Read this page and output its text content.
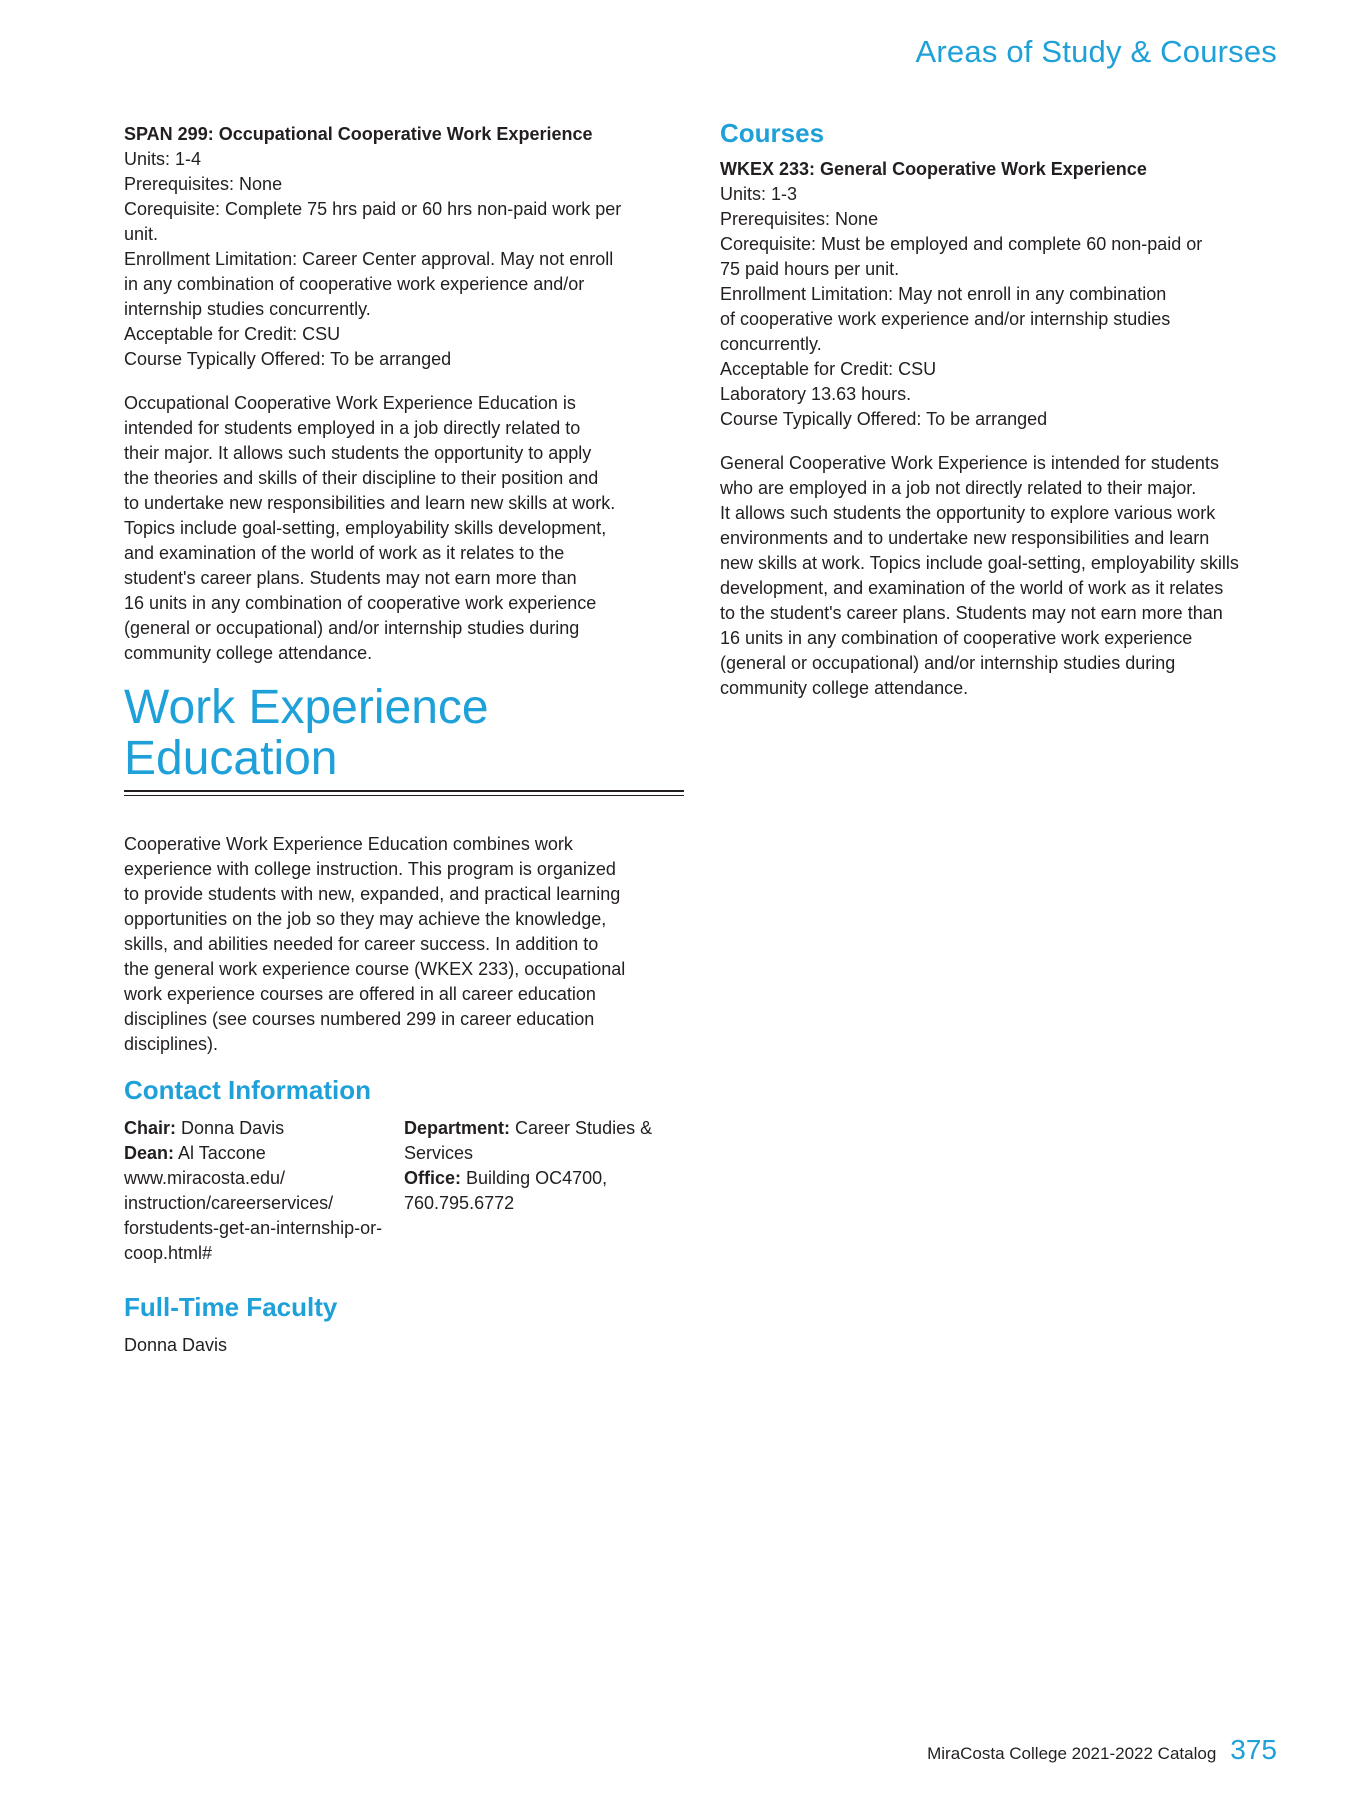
Areas of Study & Courses
SPAN 299: Occupational Cooperative Work Experience
Units: 1-4
Prerequisites: None
Corequisite: Complete 75 hrs paid or 60 hrs non-paid work per
unit.
Enrollment Limitation: Career Center approval. May not enroll
in any combination of cooperative work experience and/or
internship studies concurrently.
Acceptable for Credit: CSU
Course Typically Offered: To be arranged
Occupational Cooperative Work Experience Education is
intended for students employed in a job directly related to
their major. It allows such students the opportunity to apply
the theories and skills of their discipline to their position and
to undertake new responsibilities and learn new skills at work.
Topics include goal-setting, employability skills development,
and examination of the world of work as it relates to the
student's career plans. Students may not earn more than
16 units in any combination of cooperative work experience
(general or occupational) and/or internship studies during
community college attendance.
Work Experience
Education
Cooperative Work Experience Education combines work
experience with college instruction. This program is organized
to provide students with new, expanded, and practical learning
opportunities on the job so they may achieve the knowledge,
skills, and abilities needed for career success. In addition to
the general work experience course (WKEX 233), occupational
work experience courses are offered in all career education
disciplines (see courses numbered 299 in career education
disciplines).
Contact Information
Chair: Donna Davis
Dean: Al Taccone
www.miracosta.edu/
instruction/careerservices/
forstudents-get-an-internship-or-
coop.html#
Department: Career Studies &
Services
Office: Building OC4700,
760.795.6772
Full-Time Faculty
Donna Davis
Courses
WKEX 233: General Cooperative Work Experience
Units: 1-3
Prerequisites: None
Corequisite: Must be employed and complete 60 non-paid or
75 paid hours per unit.
Enrollment Limitation: May not enroll in any combination
of cooperative work experience and/or internship studies
concurrently.
Acceptable for Credit: CSU
Laboratory 13.63 hours.
Course Typically Offered: To be arranged
General Cooperative Work Experience is intended for students
who are employed in a job not directly related to their major.
It allows such students the opportunity to explore various work
environments and to undertake new responsibilities and learn
new skills at work. Topics include goal-setting, employability skills
development, and examination of the world of work as it relates
to the student's career plans. Students may not earn more than
16 units in any combination of cooperative work experience
(general or occupational) and/or internship studies during
community college attendance.
MiraCosta College 2021-2022 Catalog 375
